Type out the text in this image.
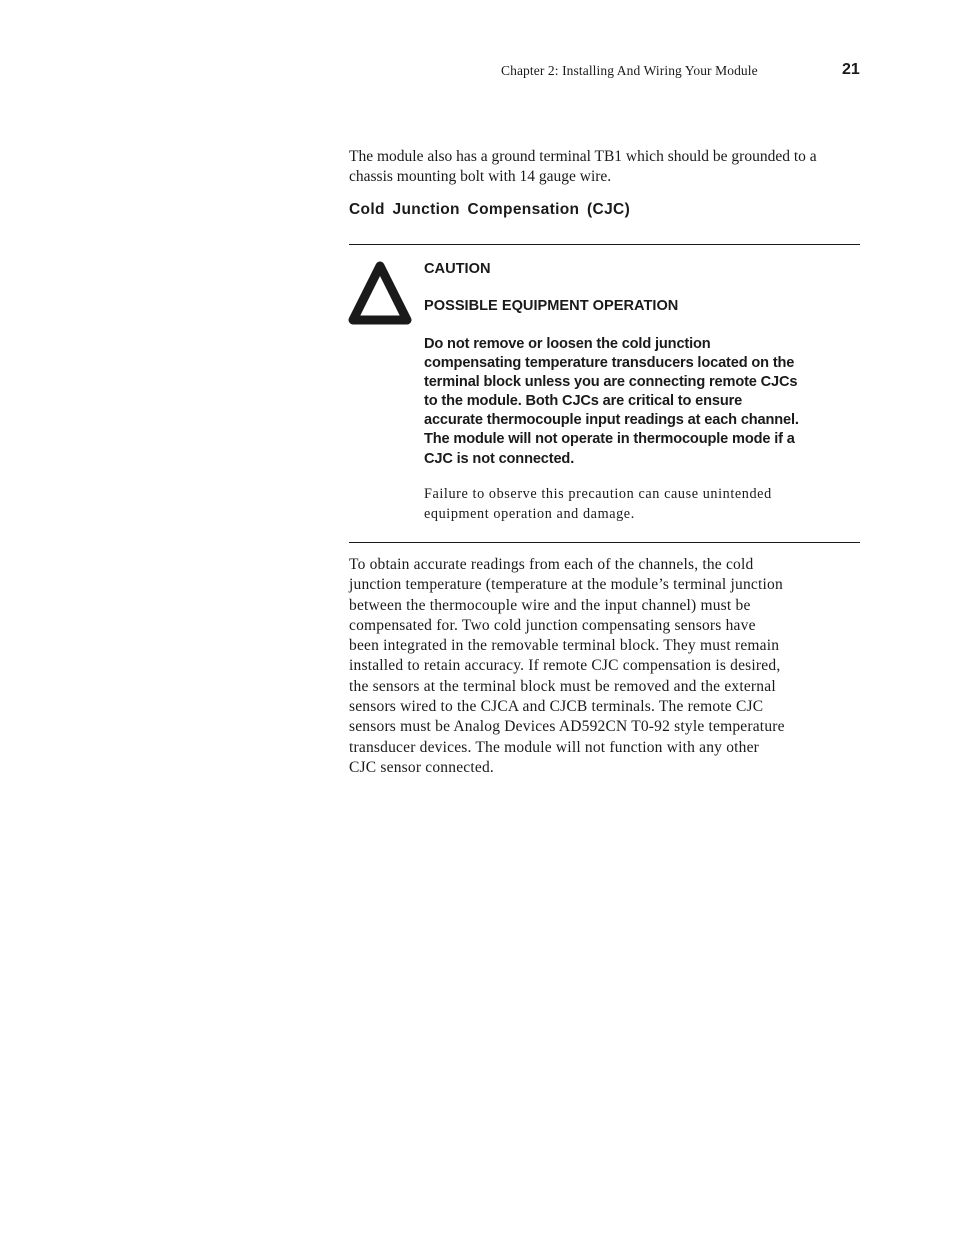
Chapter 2: Installing And Wiring Your Module	21

The module also has a ground terminal TB1 which should be grounded to a chassis mounting bolt with 14 gauge wire.

Cold Junction Compensation (CJC)
CAUTION
POSSIBLE EQUIPMENT OPERATION

Do not remove or loosen the cold junction
compensating temperature transducers located on the
terminal block unless you are connecting remote CJCs
to the module. Both CJCs are critical to ensure
accurate thermocouple input readings at each channel.
The module will not operate in thermocouple mode if a
CJC is not connected.

Failure to observe this precaution can cause unintended
equipment operation and damage.

To obtain accurate readings from each of the channels, the cold
junction temperature (temperature at the module’s terminal junction
between the thermocouple wire and the input channel) must be
compensated for. Two cold junction compensating sensors have
been integrated in the removable terminal block. They must remain
installed to retain accuracy. If remote CJC compensation is desired,
the sensors at the terminal block must be removed and the external
sensors wired to the CJCA and CJCB terminals. The remote CJC
sensors must be Analog Devices AD592CN T0-92 style temperature
transducer devices. The module will not function with any other
CJC sensor connected.
